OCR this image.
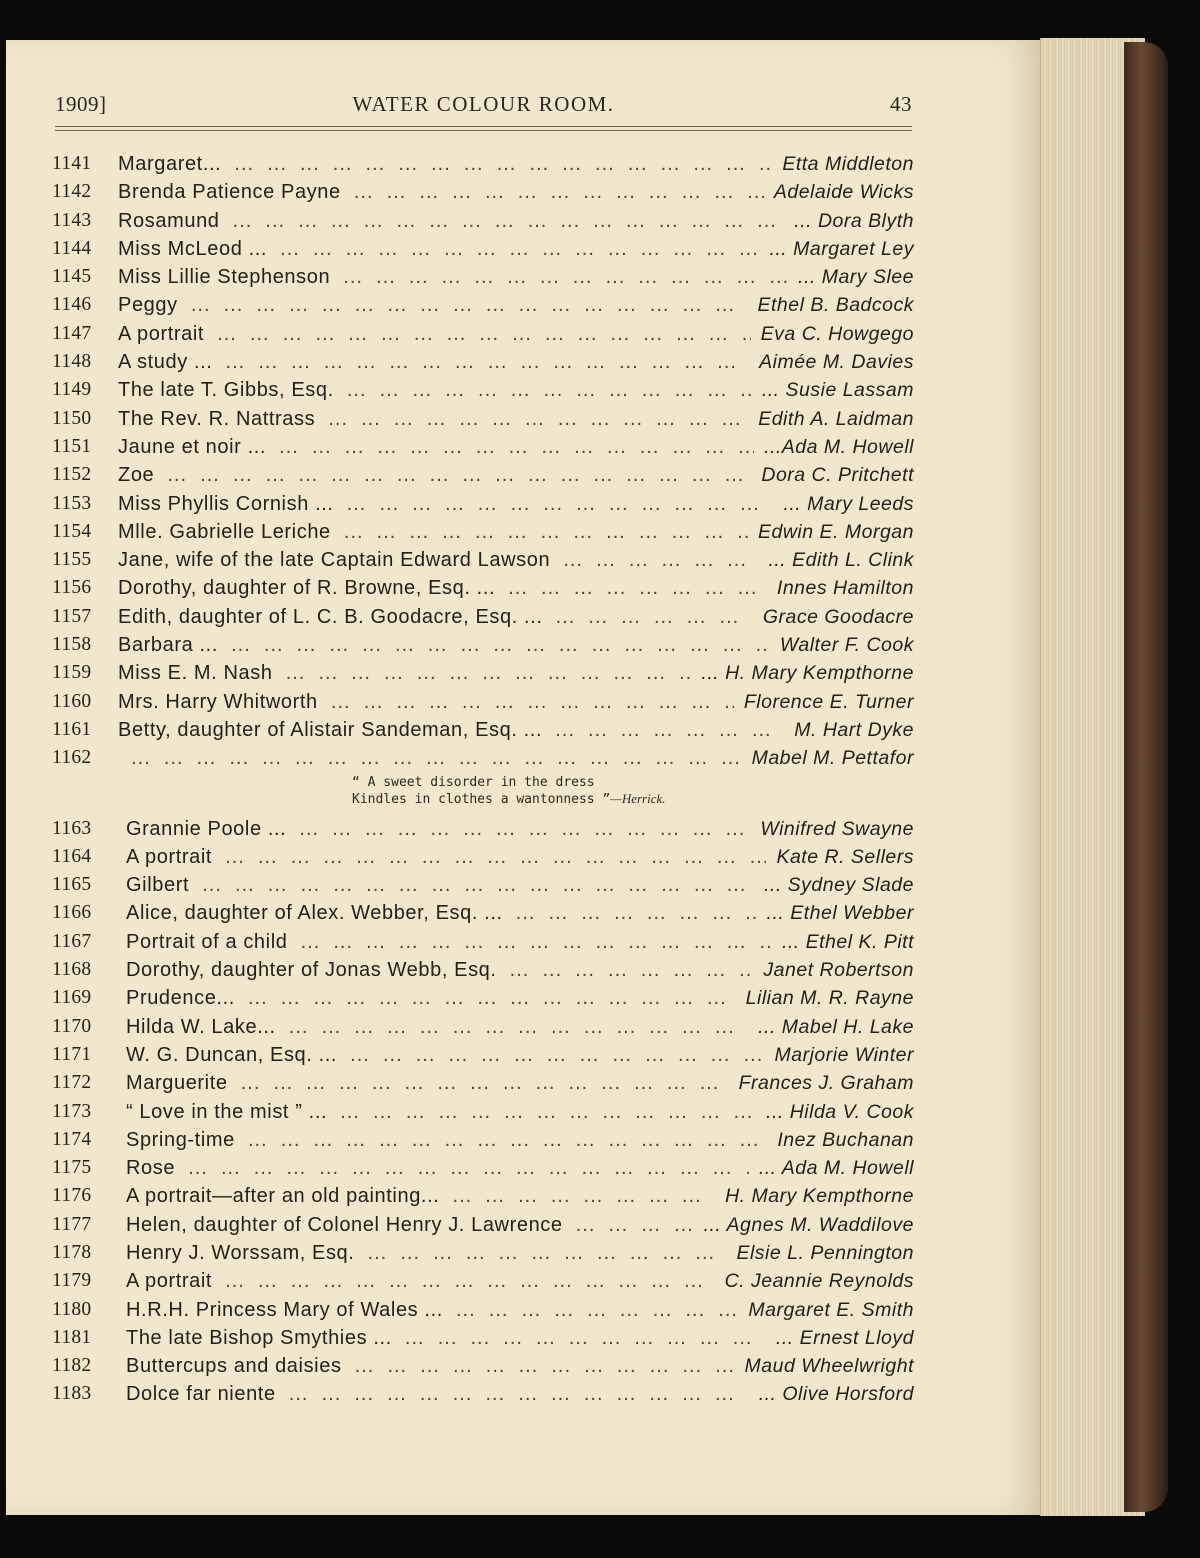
1909]	WATER COLOUR ROOM.	43
1141 Margaret... ...	Etta Middleton
1142 Brenda Patience Payne ...	Adelaide Wicks
1143 Rosamund ...	... Dora Blyth
1144 Miss McLeod ... ...	... Margaret Ley
1145 Miss Lillie Stephenson ...	... Mary Slee
1146 Peggy ...	Ethel B. Badcock
1147 A portrait ...	Eva C. Howgego
1148 A study ... ...	Aimée M. Davies
1149 The late T. Gibbs, Esq. ...	... Susie Lassam
1150 The Rev. R. Nattrass ...	Edith A. Laidman
1151 Jaune et noir ... ...	...Ada M. Howell
1152 Zoe ...	Dora C. Pritchett
1153 Miss Phyllis Cornish ... ...	... Mary Leeds
1154 Mlle. Gabrielle Leriche ...	Edwin E. Morgan
1155 Jane, wife of the late Captain Edward Lawson ...	... Edith L. Clink
1156 Dorothy, daughter of R. Browne, Esq. ... ...	Innes Hamilton
1157 Edith, daughter of L. C. B. Goodacre, Esq. ... ...	Grace Goodacre
1158 Barbara ... ...	Walter F. Cook
1159 Miss E. M. Nash ...	... H. Mary Kempthorne
1160 Mrs. Harry Whitworth ...	Florence E. Turner
1161 Betty, daughter of Alistair Sandeman, Esq. ... ...	M. Hart Dyke
1162
...	Mabel M. Pettafor
“ A sweet disorder in the dress
Kindles in clothes a wantonness ”—Herrick.
1163 Grannie Poole ... ...	Winifred Swayne
1164 A portrait ...	Kate R. Sellers
1165 Gilbert ...	... Sydney Slade
1166 Alice, daughter of Alex. Webber, Esq. ... ...	... Ethel Webber
1167 Portrait of a child ...	... Ethel K. Pitt
1168 Dorothy, daughter of Jonas Webb, Esq. ...	Janet Robertson
1169 Prudence... ...	Lilian M. R. Rayne
1170 Hilda W. Lake... ...	... Mabel H. Lake
1171 W. G. Duncan, Esq. ... ...	Marjorie Winter
1172 Marguerite ...	Frances J. Graham
1173 “ Love in the mist ” ... ...	... Hilda V. Cook
1174 Spring-time ...	Inez Buchanan
1175 Rose ...	... Ada M. Howell
1176 A portrait—after an old painting... ...	H. Mary Kempthorne
1177 Helen, daughter of Colonel Henry J. Lawrence ...	... Agnes M. Waddilove
1178 Henry J. Worssam, Esq. ...	Elsie L. Pennington
1179 A portrait ...	C. Jeannie Reynolds
1180 H.R.H. Princess Mary of Wales ... ...	Margaret E. Smith
1181 The late Bishop Smythies ... ...	... Ernest Lloyd
1182 Buttercups and daisies ...	Maud Wheelwright
1183 Dolce far niente ...	... Olive Horsford
